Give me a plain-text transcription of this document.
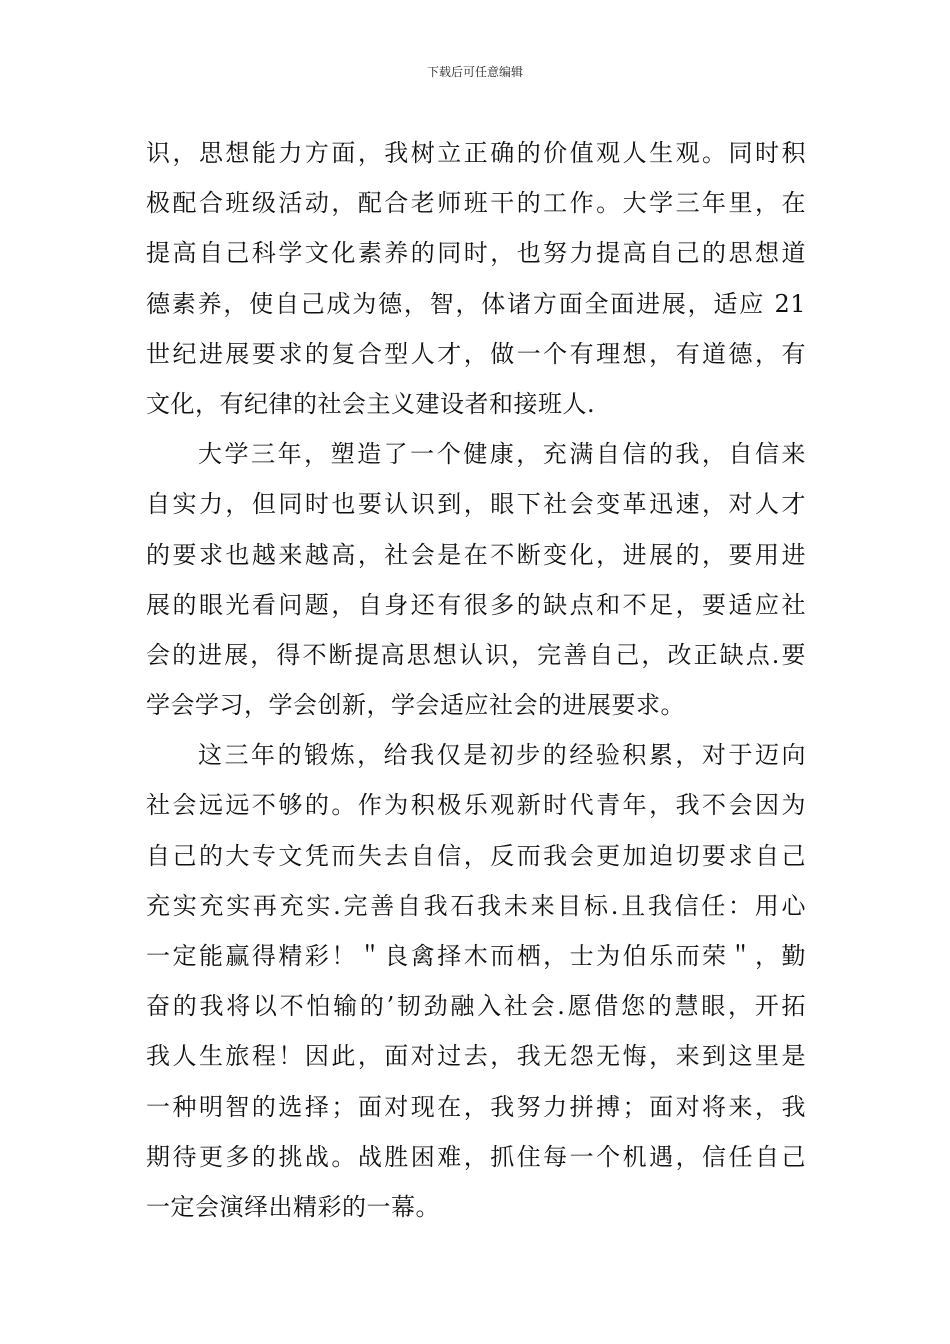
下载后可任意编辑
识，思想能力方面，我树立正确的价值观人生观。同时积
极配合班级活动，配合老师班干的工作。大学三年里，在
提高自己科学文化素养的同时，也努力提高自己的思想道
德素养，使自己成为德，智，体诸方面全面进展，适应 21
世纪进展要求的复合型人才，做一个有理想，有道德，有
文化，有纪律的社会主义建设者和接班人.
大学三年，塑造了一个健康，充满自信的我，自信来
自实力，但同时也要认识到，眼下社会变革迅速，对人才
的要求也越来越高，社会是在不断变化，进展的，要用进
展的眼光看问题，自身还有很多的缺点和不足，要适应社
会的进展，得不断提高思想认识，完善自己，改正缺点.要
学会学习，学会创新，学会适应社会的进展要求。
这三年的锻炼，给我仅是初步的经验积累，对于迈向
社会远远不够的。作为积极乐观新时代青年，我不会因为
自己的大专文凭而失去自信，反而我会更加迫切要求自己
充实充实再充实.完善自我石我未来目标.且我信任：用心
一定能赢得精彩！＂良禽择木而栖，士为伯乐而荣＂，勤
奋的我将以不怕输的’韧劲融入社会.愿借您的慧眼，开拓
我人生旅程！因此，面对过去，我无怨无悔，来到这里是
一种明智的选择；面对现在，我努力拼搏；面对将来，我
期待更多的挑战。战胜困难，抓住每一个机遇，信任自己
一定会演绎出精彩的一幕。
